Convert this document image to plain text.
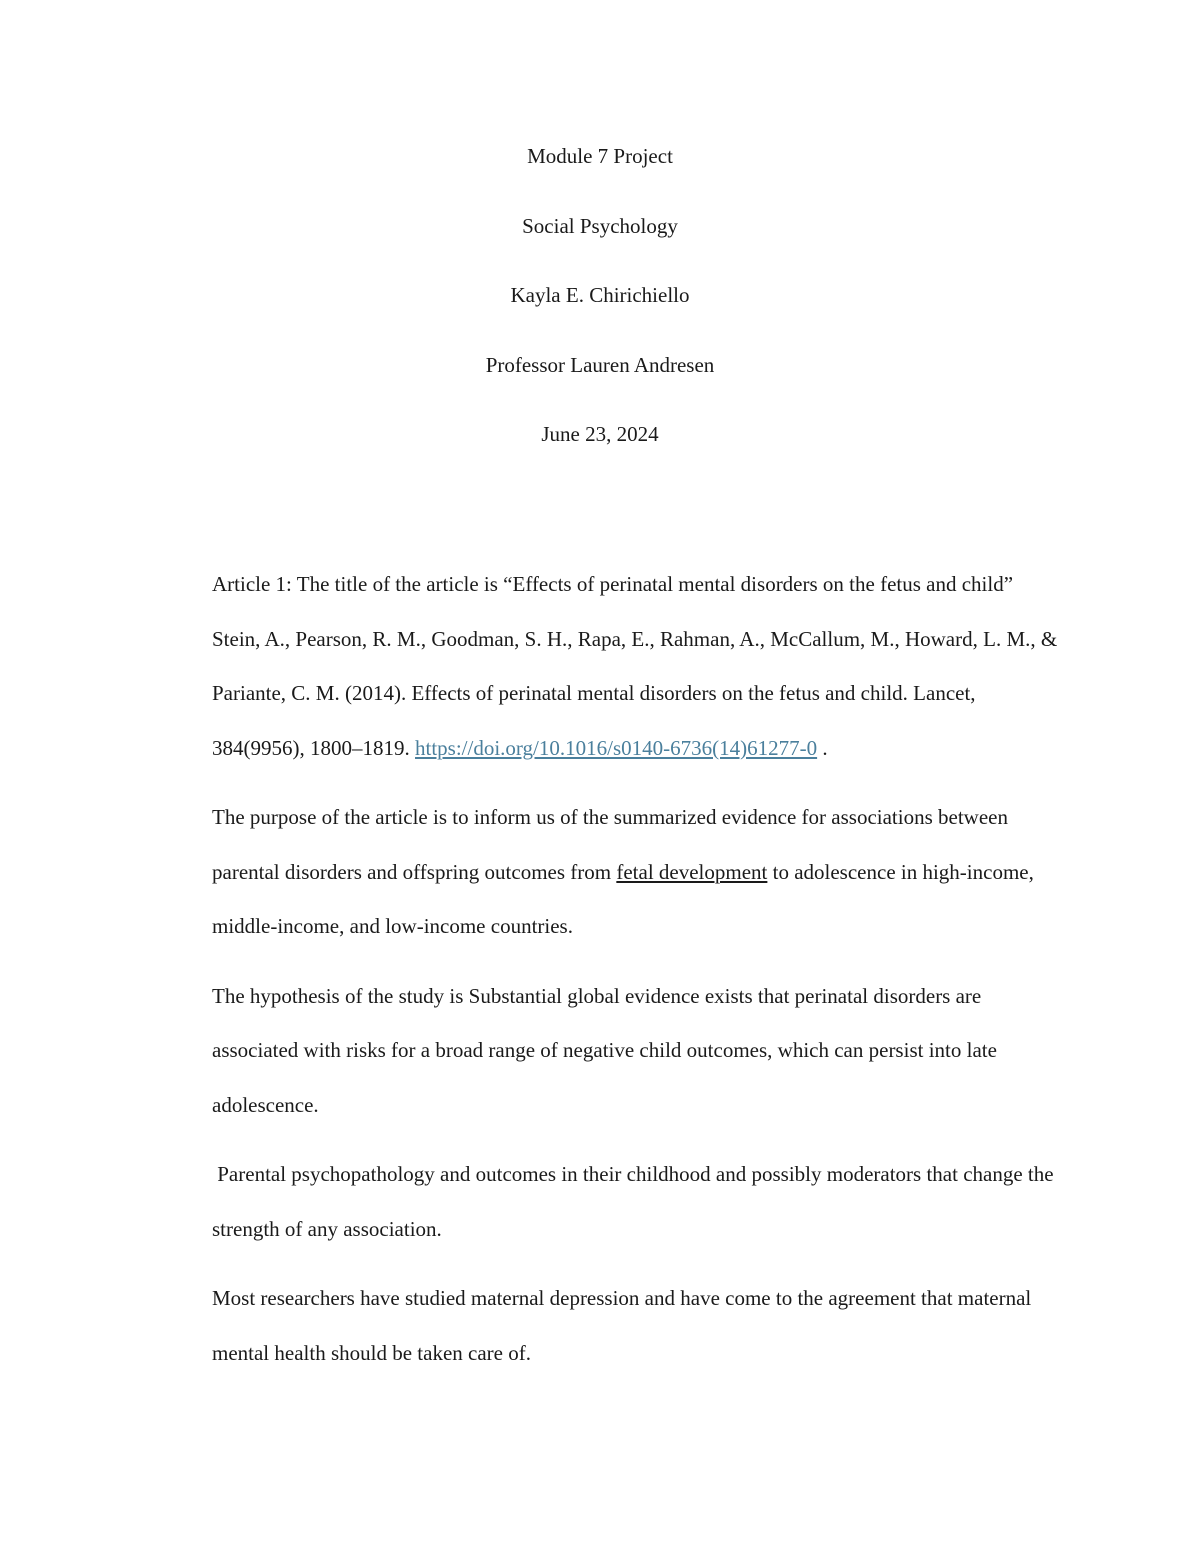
Module 7 Project
Social Psychology
Kayla E. Chirichiello
Professor Lauren Andresen
June 23, 2024

Article 1: The title of the article is “Effects of perinatal mental disorders on the fetus and child” Stein, A., Pearson, R. M., Goodman, S. H., Rapa, E., Rahman, A., McCallum, M., Howard, L. M., & Pariante, C. M. (2014). Effects of perinatal mental disorders on the fetus and child. Lancet, 384(9956), 1800–1819. https://doi.org/10.1016/s0140-6736(14)61277-0 .

The purpose of the article is to inform us of the summarized evidence for associations between parental disorders and offspring outcomes from fetal development to adolescence in high-income, middle-income, and low-income countries.

The hypothesis of the study is Substantial global evidence exists that perinatal disorders are associated with risks for a broad range of negative child outcomes, which can persist into late adolescence.

Parental psychopathology and outcomes in their childhood and possibly moderators that change the strength of any association.

Most researchers have studied maternal depression and have come to the agreement that maternal mental health should be taken care of.
